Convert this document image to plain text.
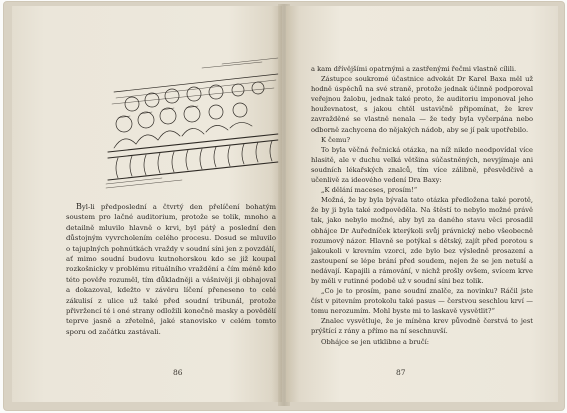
Byl-li předposlední a čtvrtý den přelíčení bohatým soustem pro lačné auditorium, protože se tolik, mnoho a detailně mluvilo hlavně o krvi, byl pátý a poslední den důstojným vyvrcholením celého procesu. Dosud se mluvilo o tajuplných pohnútkách vraždy v soudní síni jen z povzdálí, ať mimo soudní budovu kutnohorskou kdo se již koupal rozkošnicky v problému rituálního vraždění a čím méně kdo této pověře rozuměl, tím důkladněji a vášnivěji ji obhajoval a dokazoval, kdežto v závěru líčení přeneseno to celé zákulisí z ulice už také před soudní tribunál, protože přivržencí té i oné strany odložili konečně masky a povědělí teprve jasně a zřetelně, jaké stanovisko v celém tomto sporu od začátku zastávali.

86

a kam dřívějšími opatrnými a zastřenými řečmi vlastně cílili.

Zástupce soukromé účastnice advokát Dr Karel Baxa měl už hodně úspěchů na své straně, protože jednak účinně podporoval veřejnou žalobu, jednak také proto, že auditoriu imponoval jeho houževnatost, s jakou chtěl ustavičně připomínat, že krev zavražděné se vlastně nenala — že tedy byla vyčerpána nebo odborně zachycena do nějakých nádob, aby se jí pak upotřebilo.

K čemu?

To byla věčná řečnická otázka, na níž nikdo neodpovídal více hlasitě, ale v duchu velká většina súčastněných, nevyjímaje ani soudních lékařských znalců, tím více zálibně, přesvědčivě a učenlivě za ideového vedení Dra Baxy:

„K dělání maceses, prosím!“

Možná, že by byla bývala tato otázka předložena také porotě, že by ji byla také zodpověděla. Na štěstí to nebylo možné právě tak, jako nebylo možné, aby byl za daného stavu věci prosadil obhájce Dr Auředníček kterýkoli svůj právnický nebo všeobecně rozumový názor. Hlavně se potýkal s dětský, zajít před porotou s jakoukoli v krevním vzorci, zde bylo bez výsledně prosazení a zastoupení se lépe brání před soudem, nejen že se jen netuší a nedávají. Kapajili a rámování, v nichž prošly ovšem, svícem krve by měli v rutinné podobě už v soudní síni bez tolik.

„Co je to prosím, pane soudní znalče, za novinku? Ráčil jste číst v pitevním protokolu také pasus — čerstvou seschlou krví — tomu nerozumím. Mohl byste mi to laskavě vysvětlit?“

Znalec vysvětluje, že je míněna krev původně čerstvá to jest prýštící z rány a přímo na ní seschnuvší.

Obhájce se jen utklibne a bručí:

87
